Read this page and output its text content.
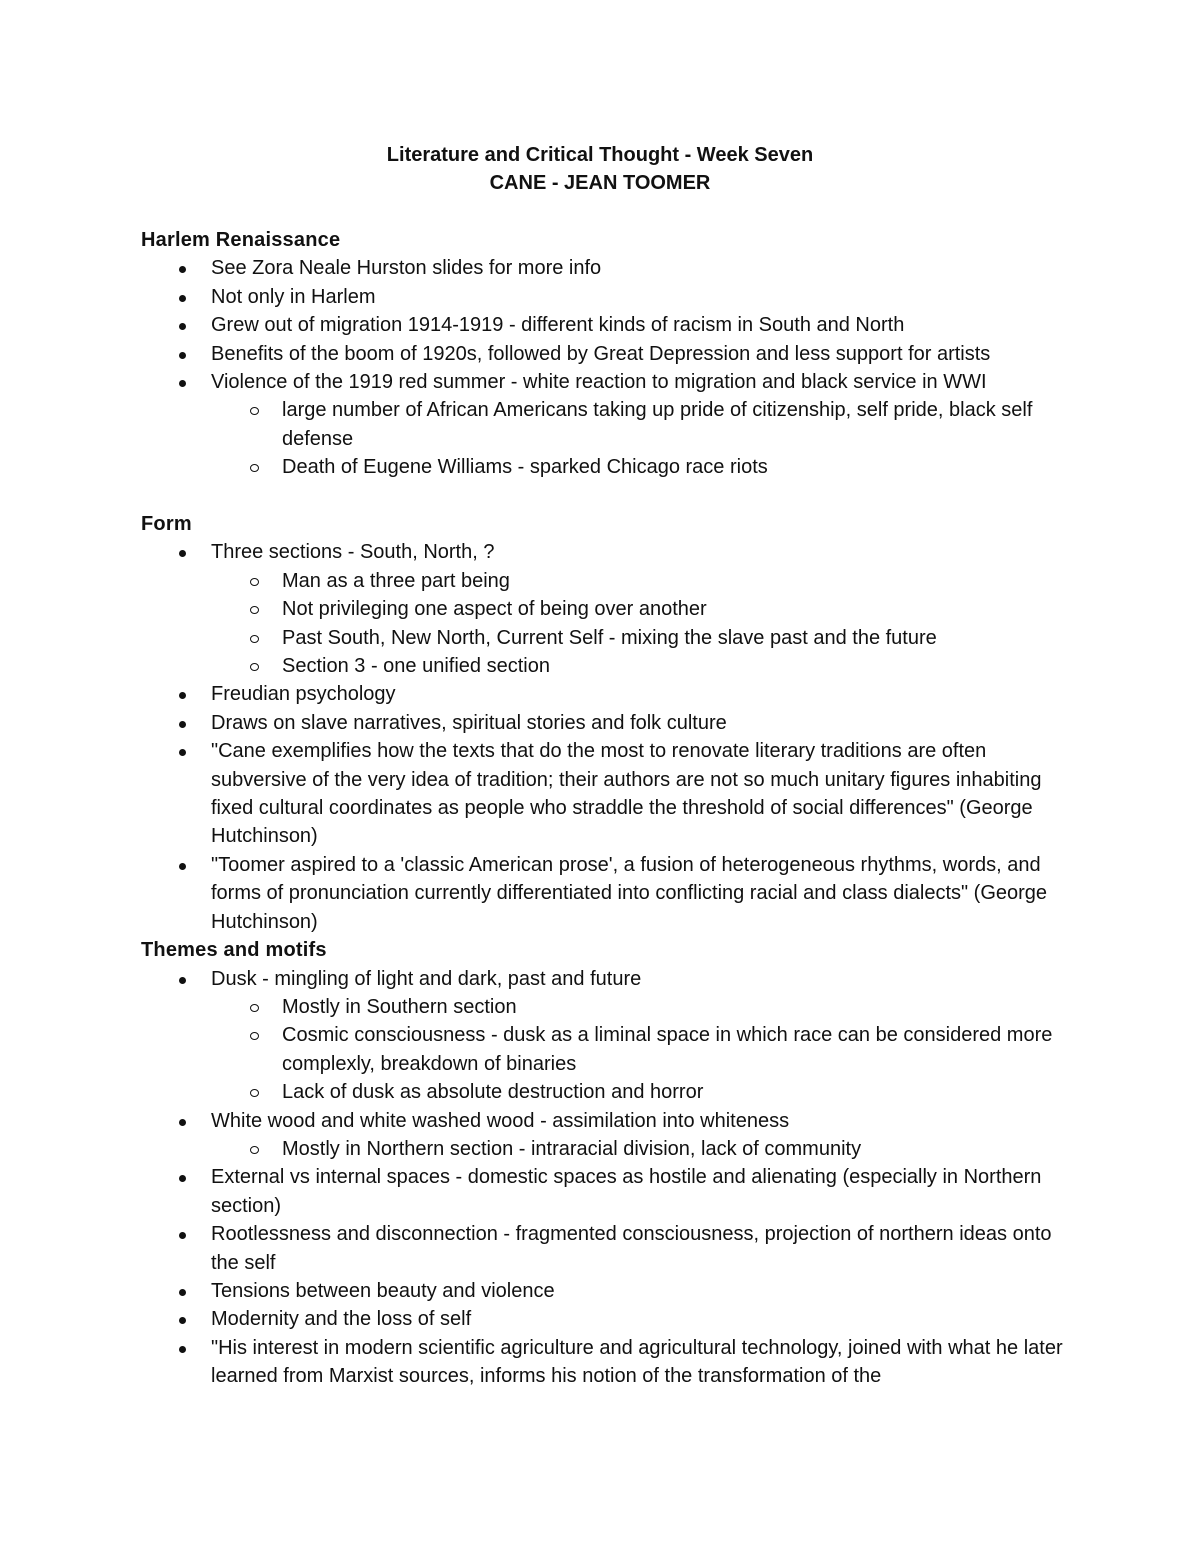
Literature and Critical Thought - Week Seven
CANE - JEAN TOOMER
Harlem Renaissance
See Zora Neale Hurston slides for more info
Not only in Harlem
Grew out of migration 1914-1919 - different kinds of racism in South and North
Benefits of the boom of 1920s, followed by Great Depression and less support for artists
Violence of the 1919 red summer - white reaction to migration and black service in WWI
large number of African Americans taking up pride of citizenship, self pride, black self defense
Death of Eugene Williams - sparked Chicago race riots
Form
Three sections - South, North, ?
Man as a three part being
Not privileging one aspect of being over another
Past South, New North, Current Self - mixing the slave past and the future
Section 3 - one unified section
Freudian psychology
Draws on slave narratives, spiritual stories and folk culture
"Cane exemplifies how the texts that do the most to renovate literary traditions are often subversive of the very idea of tradition; their authors are not so much unitary figures inhabiting fixed cultural coordinates as people who straddle the threshold of social differences" (George Hutchinson)
"Toomer aspired to a 'classic American prose', a fusion of heterogeneous rhythms, words, and forms of pronunciation currently differentiated into conflicting racial and class dialects" (George Hutchinson)
Themes and motifs
Dusk - mingling of light and dark, past and future
Mostly in Southern section
Cosmic consciousness - dusk as a liminal space in which race can be considered more complexly, breakdown of binaries
Lack of dusk as absolute destruction and horror
White wood and white washed wood - assimilation into whiteness
Mostly in Northern section - intraracial division, lack of community
External vs internal spaces - domestic spaces as hostile and alienating (especially in Northern section)
Rootlessness and disconnection - fragmented consciousness, projection of northern ideas onto the self
Tensions between beauty and violence
Modernity and the loss of self
"His interest in modern scientific agriculture and agricultural technology, joined with what he later learned from Marxist sources, informs his notion of the transformation of the
